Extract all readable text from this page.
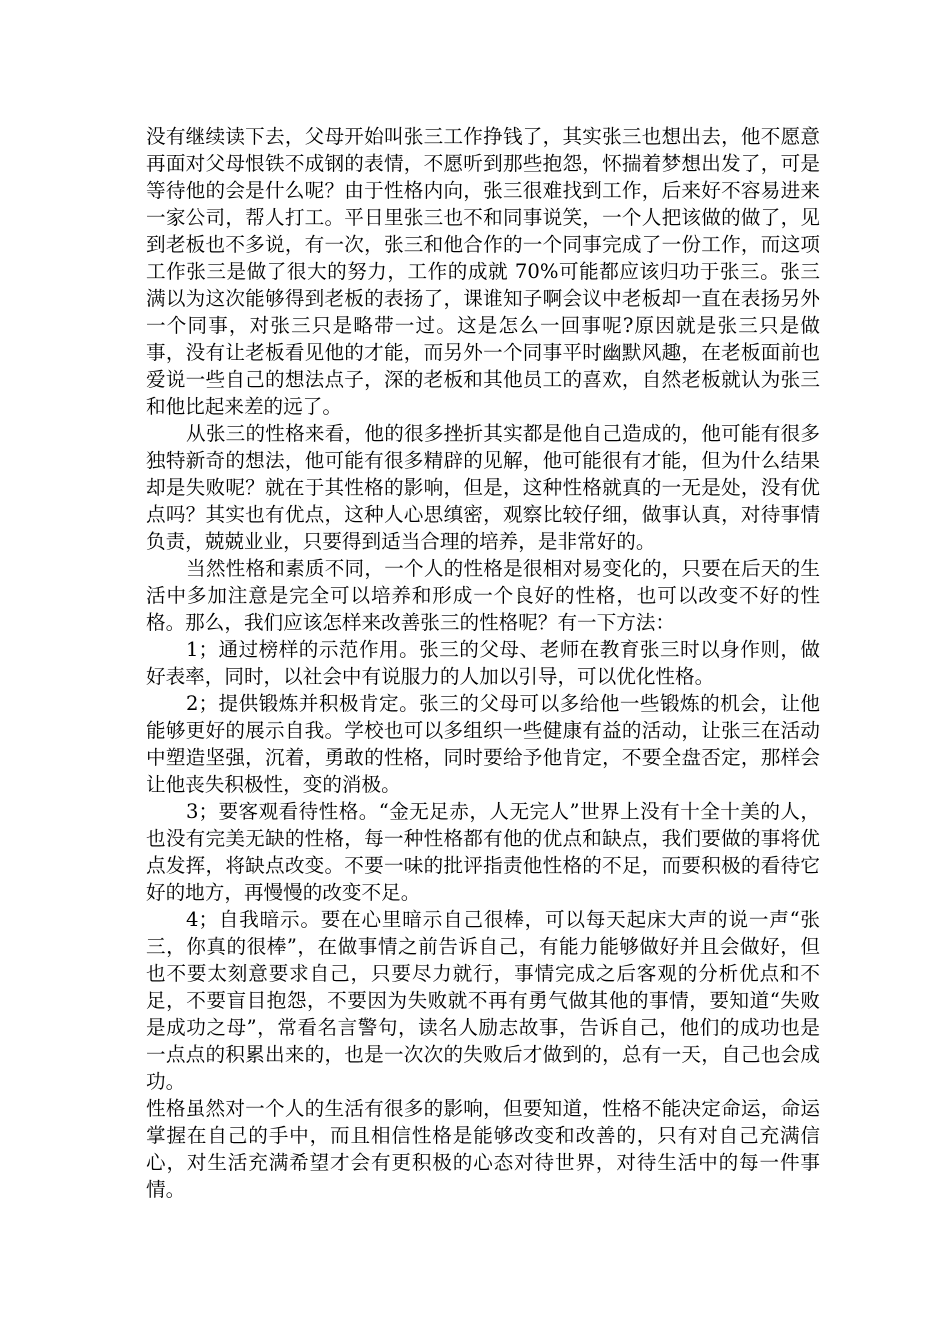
没有继续读下去，父母开始叫张三工作挣钱了，其实张三也想出去，他不愿意再面对父母恨铁不成钢的表情，不愿听到那些抱怨，怀揣着梦想出发了，可是等待他的会是什么呢？由于性格内向，张三很难找到工作，后来好不容易进来一家公司，帮人打工。平日里张三也不和同事说笑，一个人把该做的做了，见到老板也不多说，有一次，张三和他合作的一个同事完成了一份工作，而这项工作张三是做了很大的努力，工作的成就 70%可能都应该归功于张三。张三满以为这次能够得到老板的表扬了，课谁知子啊会议中老板却一直在表扬另外一个同事，对张三只是略带一过。这是怎么一回事呢?原因就是张三只是做事，没有让老板看见他的才能，而另外一个同事平时幽默风趣，在老板面前也爱说一些自己的想法点子，深的老板和其他员工的喜欢，自然老板就认为张三和他比起来差的远了。

从张三的性格来看，他的很多挫折其实都是他自己造成的，他可能有很多独特新奇的想法，他可能有很多精辟的见解，他可能很有才能，但为什么结果却是失败呢？就在于其性格的影响，但是，这种性格就真的一无是处，没有优点吗？其实也有优点，这种人心思缜密，观察比较仔细，做事认真，对待事情负责，兢兢业业，只要得到适当合理的培养，是非常好的。

当然性格和素质不同，一个人的性格是很相对易变化的，只要在后天的生活中多加注意是完全可以培养和形成一个良好的性格，也可以改变不好的性格。那么，我们应该怎样来改善张三的性格呢？有一下方法：

1；通过榜样的示范作用。张三的父母、老师在教育张三时以身作则，做好表率，同时，以社会中有说服力的人加以引导，可以优化性格。

2；提供锻炼并积极肯定。张三的父母可以多给他一些锻炼的机会，让他能够更好的展示自我。学校也可以多组织一些健康有益的活动，让张三在活动中塑造坚强，沉着，勇敢的性格，同时要给予他肯定，不要全盘否定，那样会让他丧失积极性，变的消极。

3；要客观看待性格。“金无足赤，人无完人”世界上没有十全十美的人，也没有完美无缺的性格，每一种性格都有他的优点和缺点，我们要做的事将优点发挥，将缺点改变。不要一味的批评指责他性格的不足，而要积极的看待它好的地方，再慢慢的改变不足。

4；自我暗示。要在心里暗示自己很棒，可以每天起床大声的说一声“张三，你真的很棒”，在做事情之前告诉自己，有能力能够做好并且会做好，但也不要太刻意要求自己，只要尽力就行，事情完成之后客观的分析优点和不足，不要盲目抱怨，不要因为失败就不再有勇气做其他的事情，要知道“失败是成功之母”，常看名言警句，读名人励志故事，告诉自己，他们的成功也是一点点的积累出来的，也是一次次的失败后才做到的，总有一天，自己也会成功。

性格虽然对一个人的生活有很多的影响，但要知道，性格不能决定命运，命运掌握在自己的手中，而且相信性格是能够改变和改善的，只有对自己充满信心，对生活充满希望才会有更积极的心态对待世界，对待生活中的每一件事情。
